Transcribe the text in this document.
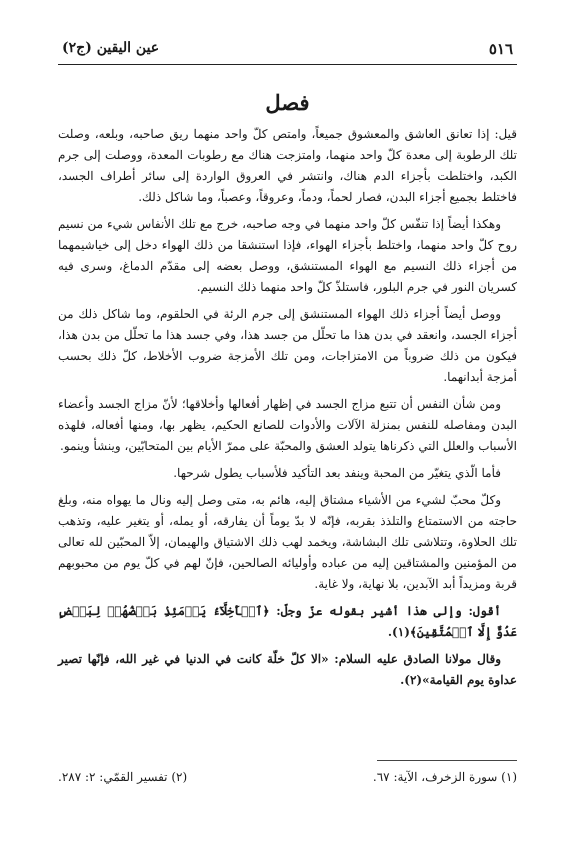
٥١٦
عين اليقين (ج٢)
فصل

قيل: إذا تعانق العاشق والمعشوق جميعاً، وامتص كلّ واحد منهما ريق صاحبه، وبلعه، وصلت تلك الرطوبة إلى معدة كلّ واحد منهما، وامتزجت هناك مع رطوبات المعدة، ووصلت إلى جرم الكبد، واختلطت بأجزاء الدم هناك، وانتشر في العروق الواردة إلى سائر أطراف الجسد، فاختلط بجميع أجزاء البدن، فصار لحماً، ودماً، وعروقاً، وعصباً، وما شاكل ذلك.

وهكذا أيضاً إذا تنفّس كلّ واحد منهما في وجه صاحبه، خرج مع تلك الأنفاس شيء من نسيم روح كلّ واحد منهما، واختلط بأجزاء الهواء، فإذا استنشقا من ذلك الهواء دخل إلى خياشيمهما من أجزاء ذلك النسيم مع الهواء المستنشق، ووصل بعضه إلى مقدّم الدماغ، وسرى فيه كسريان النور في جرم البلور، فاستلذّ كلّ واحد منهما ذلك النسيم.

ووصل أيضاً أجزاء ذلك الهواء المستنشق إلى جرم الرئة في الحلقوم، وما شاكل ذلك من أجزاء الجسد، وانعقد في بدن هذا ما تحلّل من جسد هذا، وفي جسد هذا ما تحلّل من بدن هذا، فيكون من ذلك ضروباً من الامتزاجات، ومن تلك الأمزجة ضروب الأخلاط، كلّ ذلك بحسب أمزجة أبدانهما.

ومن شأن النفس أن تتبع مزاج الجسد في إظهار أفعالها وأخلاقها؛ لأنّ مزاج الجسد وأعضاء البدن ومفاصله للنفس بمنزلة الآلات والأدوات للصانع الحكيم، يظهر بها، ومنها أفعاله، فلهذه الأسباب والعلل التي ذكرناها يتولد العشق والمحبّة على ممرّ الأيام بين المتحابّين، وينشأ وينمو.

فأما الّذي يتغيّر من المحبة وينفد بعد التأكيد فلأسباب يطول شرحها.

وكلّ محبّ لشيء من الأشياء مشتاق إليه، هائم به، متى وصل إليه ونال ما يهواه منه، وبلغ حاجته من الاستمتاع والتلذذ بقربه، فإنّه لا بدّ يوماً أن يفارقه، أو يمله، أو يتغير عليه، وتذهب تلك الحلاوة، وتتلاشى تلك البشاشة، ويخمد لهب ذلك الاشتياق والهيمان، إلاّ المحبّين لله تعالى من المؤمنين والمشتاقين إليه من عباده وأوليائه الصالحين، فإنّ لهم في كلّ يوم من محبوبهم قربة ومزيداً أبد الآبدين، بلا نهاية، ولا غاية.

أقول: وإلى هذا أشير بقوله عزّ وجلّ: ﴿ٱلۡأَخِلَّآءُ يَوۡمَئِذِۢ بَعۡضُهُمۡ لِبَعۡضٍ عَدُوٌّ إِلَّا ٱلۡمُتَّقِينَ﴾(١).

وقال مولانا الصادق عليه السلام: «الا كلّ خلّة كانت في الدنيا في غير الله، فإنّها تصير عداوة يوم القيامة»(٢).

(١) سورة الزخرف، الآية: ٦٧.
(٢) تفسير القمّي: ٢: ٢٨٧.
